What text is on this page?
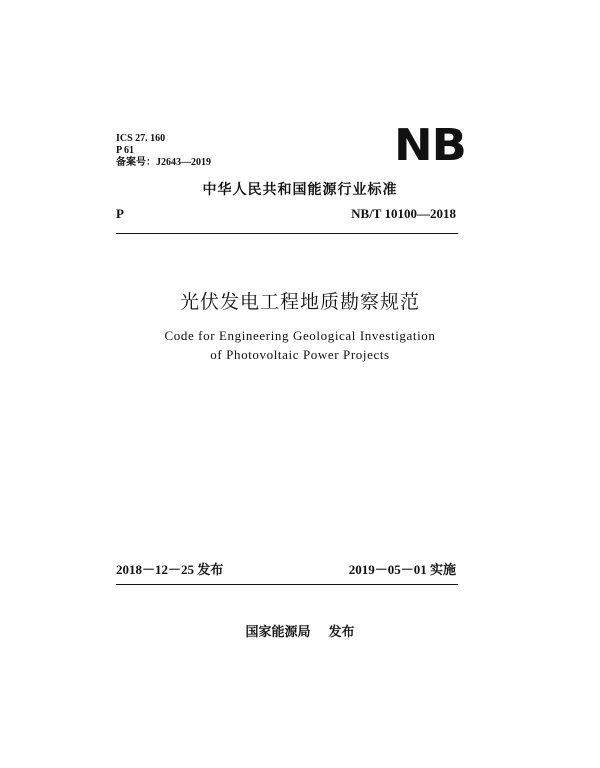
ICS 27. 160
P 61
备案号：J2643—2019	NB
中华人民共和国能源行业标准
P	NB/T 10100—2018
光伏发电工程地质勘察规范
Code for Engineering Geological Investigation
of Photovoltaic Power Projects
2018－12－25 发布	2019－05－01 实施
国家能源局    发布
